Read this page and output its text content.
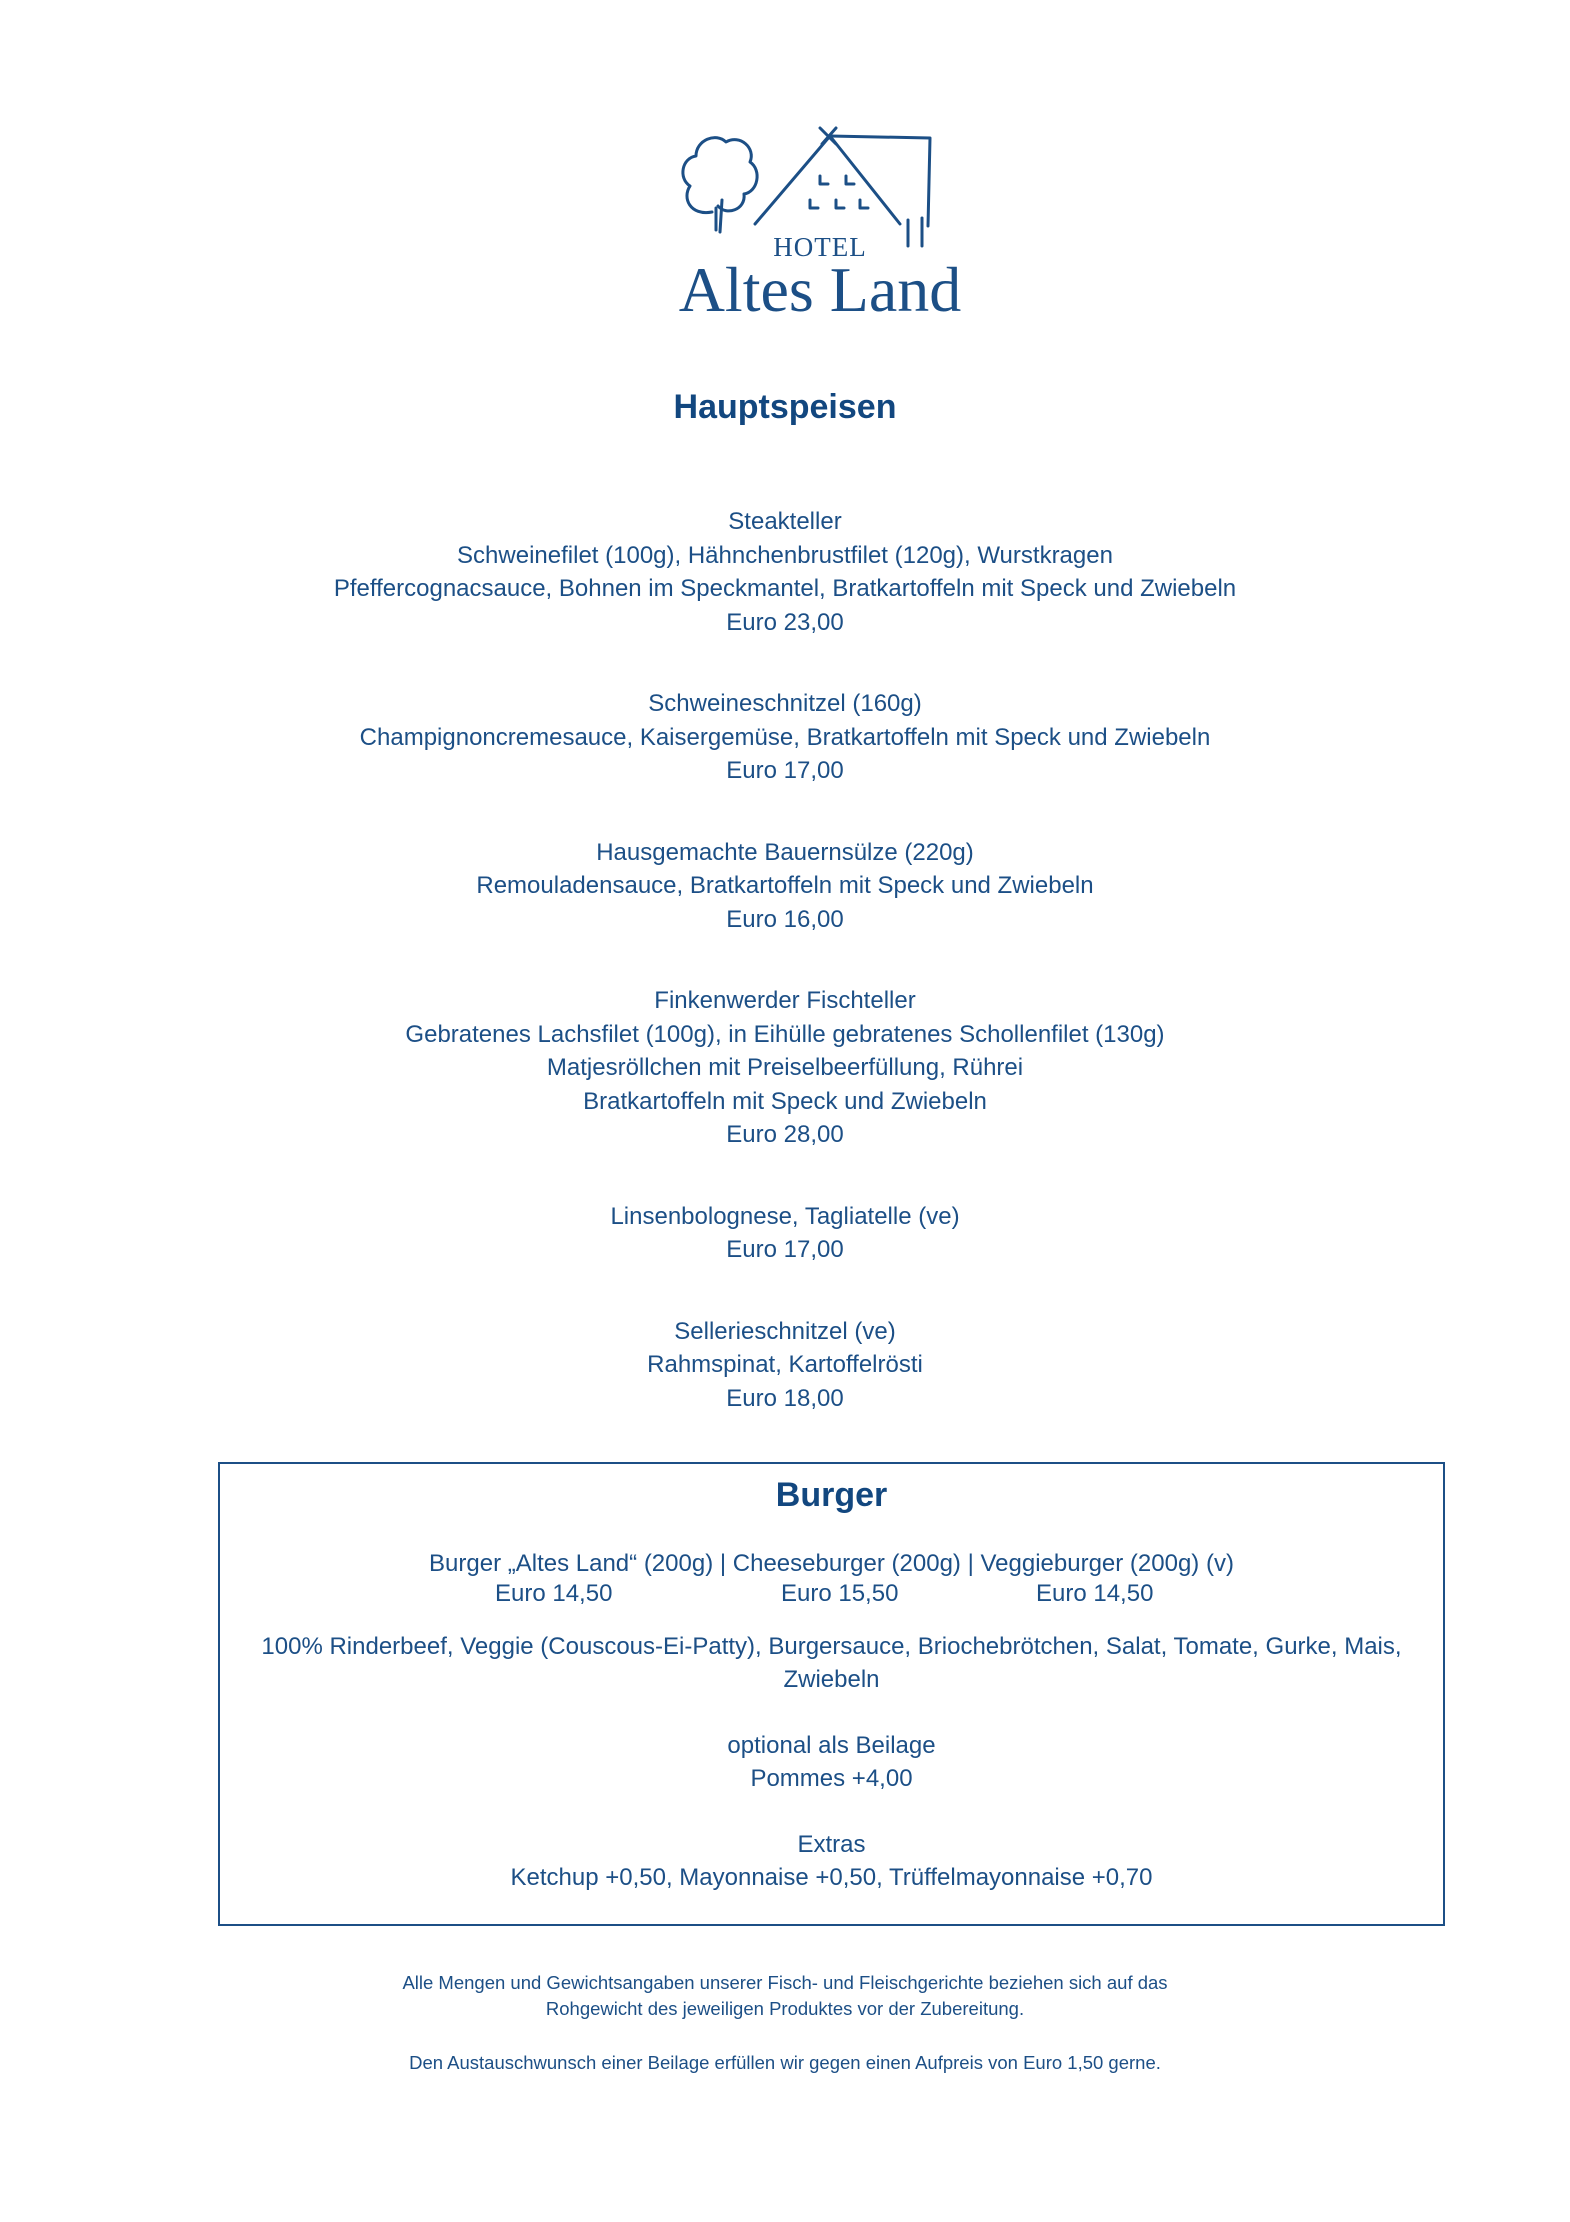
HOTEL
Altes Land
Hauptspeisen
Steakteller
Schweinefilet (100g), Hähnchenbrustfilet (120g), Wurstkragen
Pfeffercognacsauce, Bohnen im Speckmantel, Bratkartoffeln mit Speck und Zwiebeln
Euro 23,00
Schweineschnitzel (160g)
Champignoncremesauce, Kaisergemüse, Bratkartoffeln mit Speck und Zwiebeln
Euro 17,00
Hausgemachte Bauernsülze (220g)
Remouladensauce, Bratkartoffeln mit Speck und Zwiebeln
Euro 16,00
Finkenwerder Fischteller
Gebratenes Lachsfilet (100g), in Eihülle gebratenes Schollenfilet (130g)
Matjesröllchen mit Preiselbeerfüllung, Rührei
Bratkartoffeln mit Speck und Zwiebeln
Euro 28,00
Linsenbolognese, Tagliatelle (ve)
Euro 17,00
Sellerieschnitzel (ve)
Rahmspinat, Kartoffelrösti
Euro 18,00
Burger
Burger „Altes Land“ (200g) | Cheeseburger (200g) | Veggieburger (200g) (v)
Euro 14,50	Euro 15,50	Euro 14,50
100% Rinderbeef, Veggie (Couscous-Ei-Patty), Burgersauce, Briochebrötchen, Salat, Tomate, Gurke, Mais,
Zwiebeln
optional als Beilage
Pommes +4,00
Extras
Ketchup +0,50, Mayonnaise +0,50, Trüffelmayonnaise +0,70
Alle Mengen und Gewichtsangaben unserer Fisch- und Fleischgerichte beziehen sich auf das
Rohgewicht des jeweiligen Produktes vor der Zubereitung.
Den Austauschwunsch einer Beilage erfüllen wir gegen einen Aufpreis von Euro 1,50 gerne.
